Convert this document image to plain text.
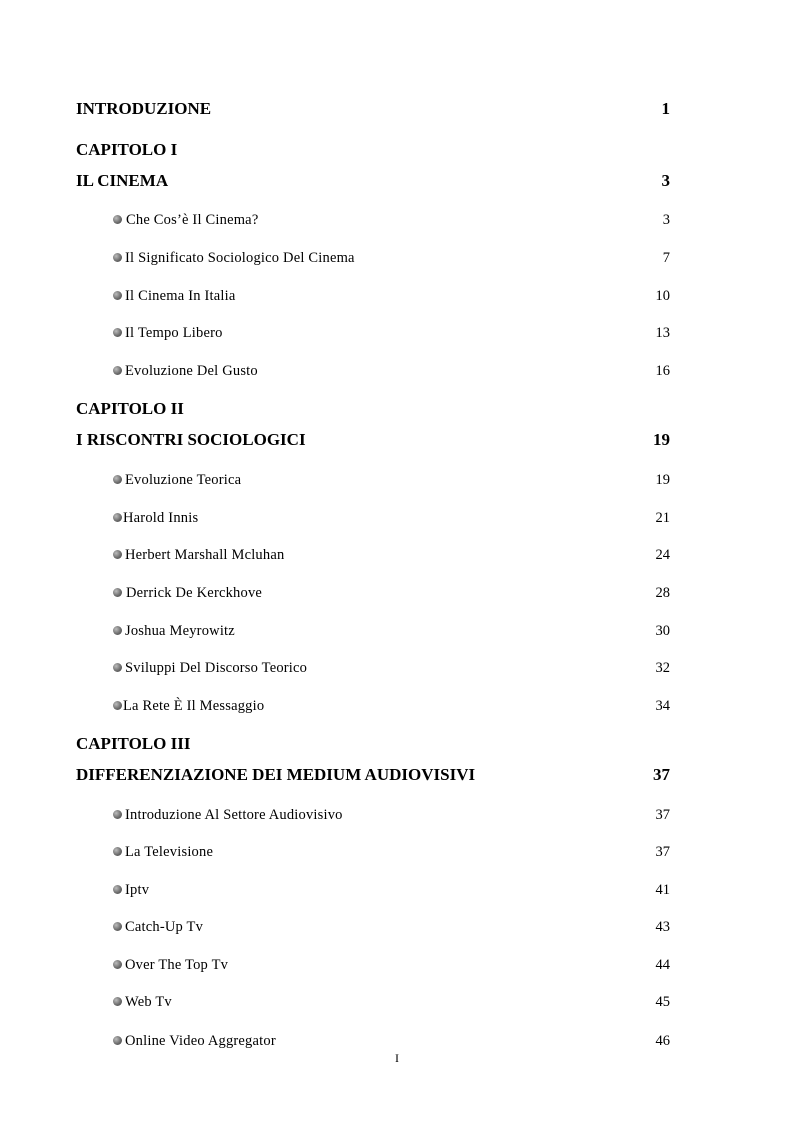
INTRODUZIONE	1
CAPITOLO I
IL CINEMA	3
Che Cos’è Il Cinema?	3
Il Significato Sociologico Del Cinema	7
Il Cinema In Italia	10
Il Tempo Libero	13
Evoluzione Del Gusto	16
CAPITOLO II
I RISCONTRI SOCIOLOGICI	19
Evoluzione Teorica	19
Harold Innis	21
Herbert Marshall Mcluhan	24
Derrick De Kerckhove	28
Joshua Meyrowitz	30
Sviluppi Del Discorso Teorico	32
La Rete È Il Messaggio	34
CAPITOLO III
DIFFERENZIAZIONE DEI MEDIUM AUDIOVISIVI	37
Introduzione Al Settore Audiovisivo	37
La Televisione	37
Iptv	41
Catch-Up Tv	43
Over The Top Tv	44
Web Tv	45
Online Video Aggregator	46
I
